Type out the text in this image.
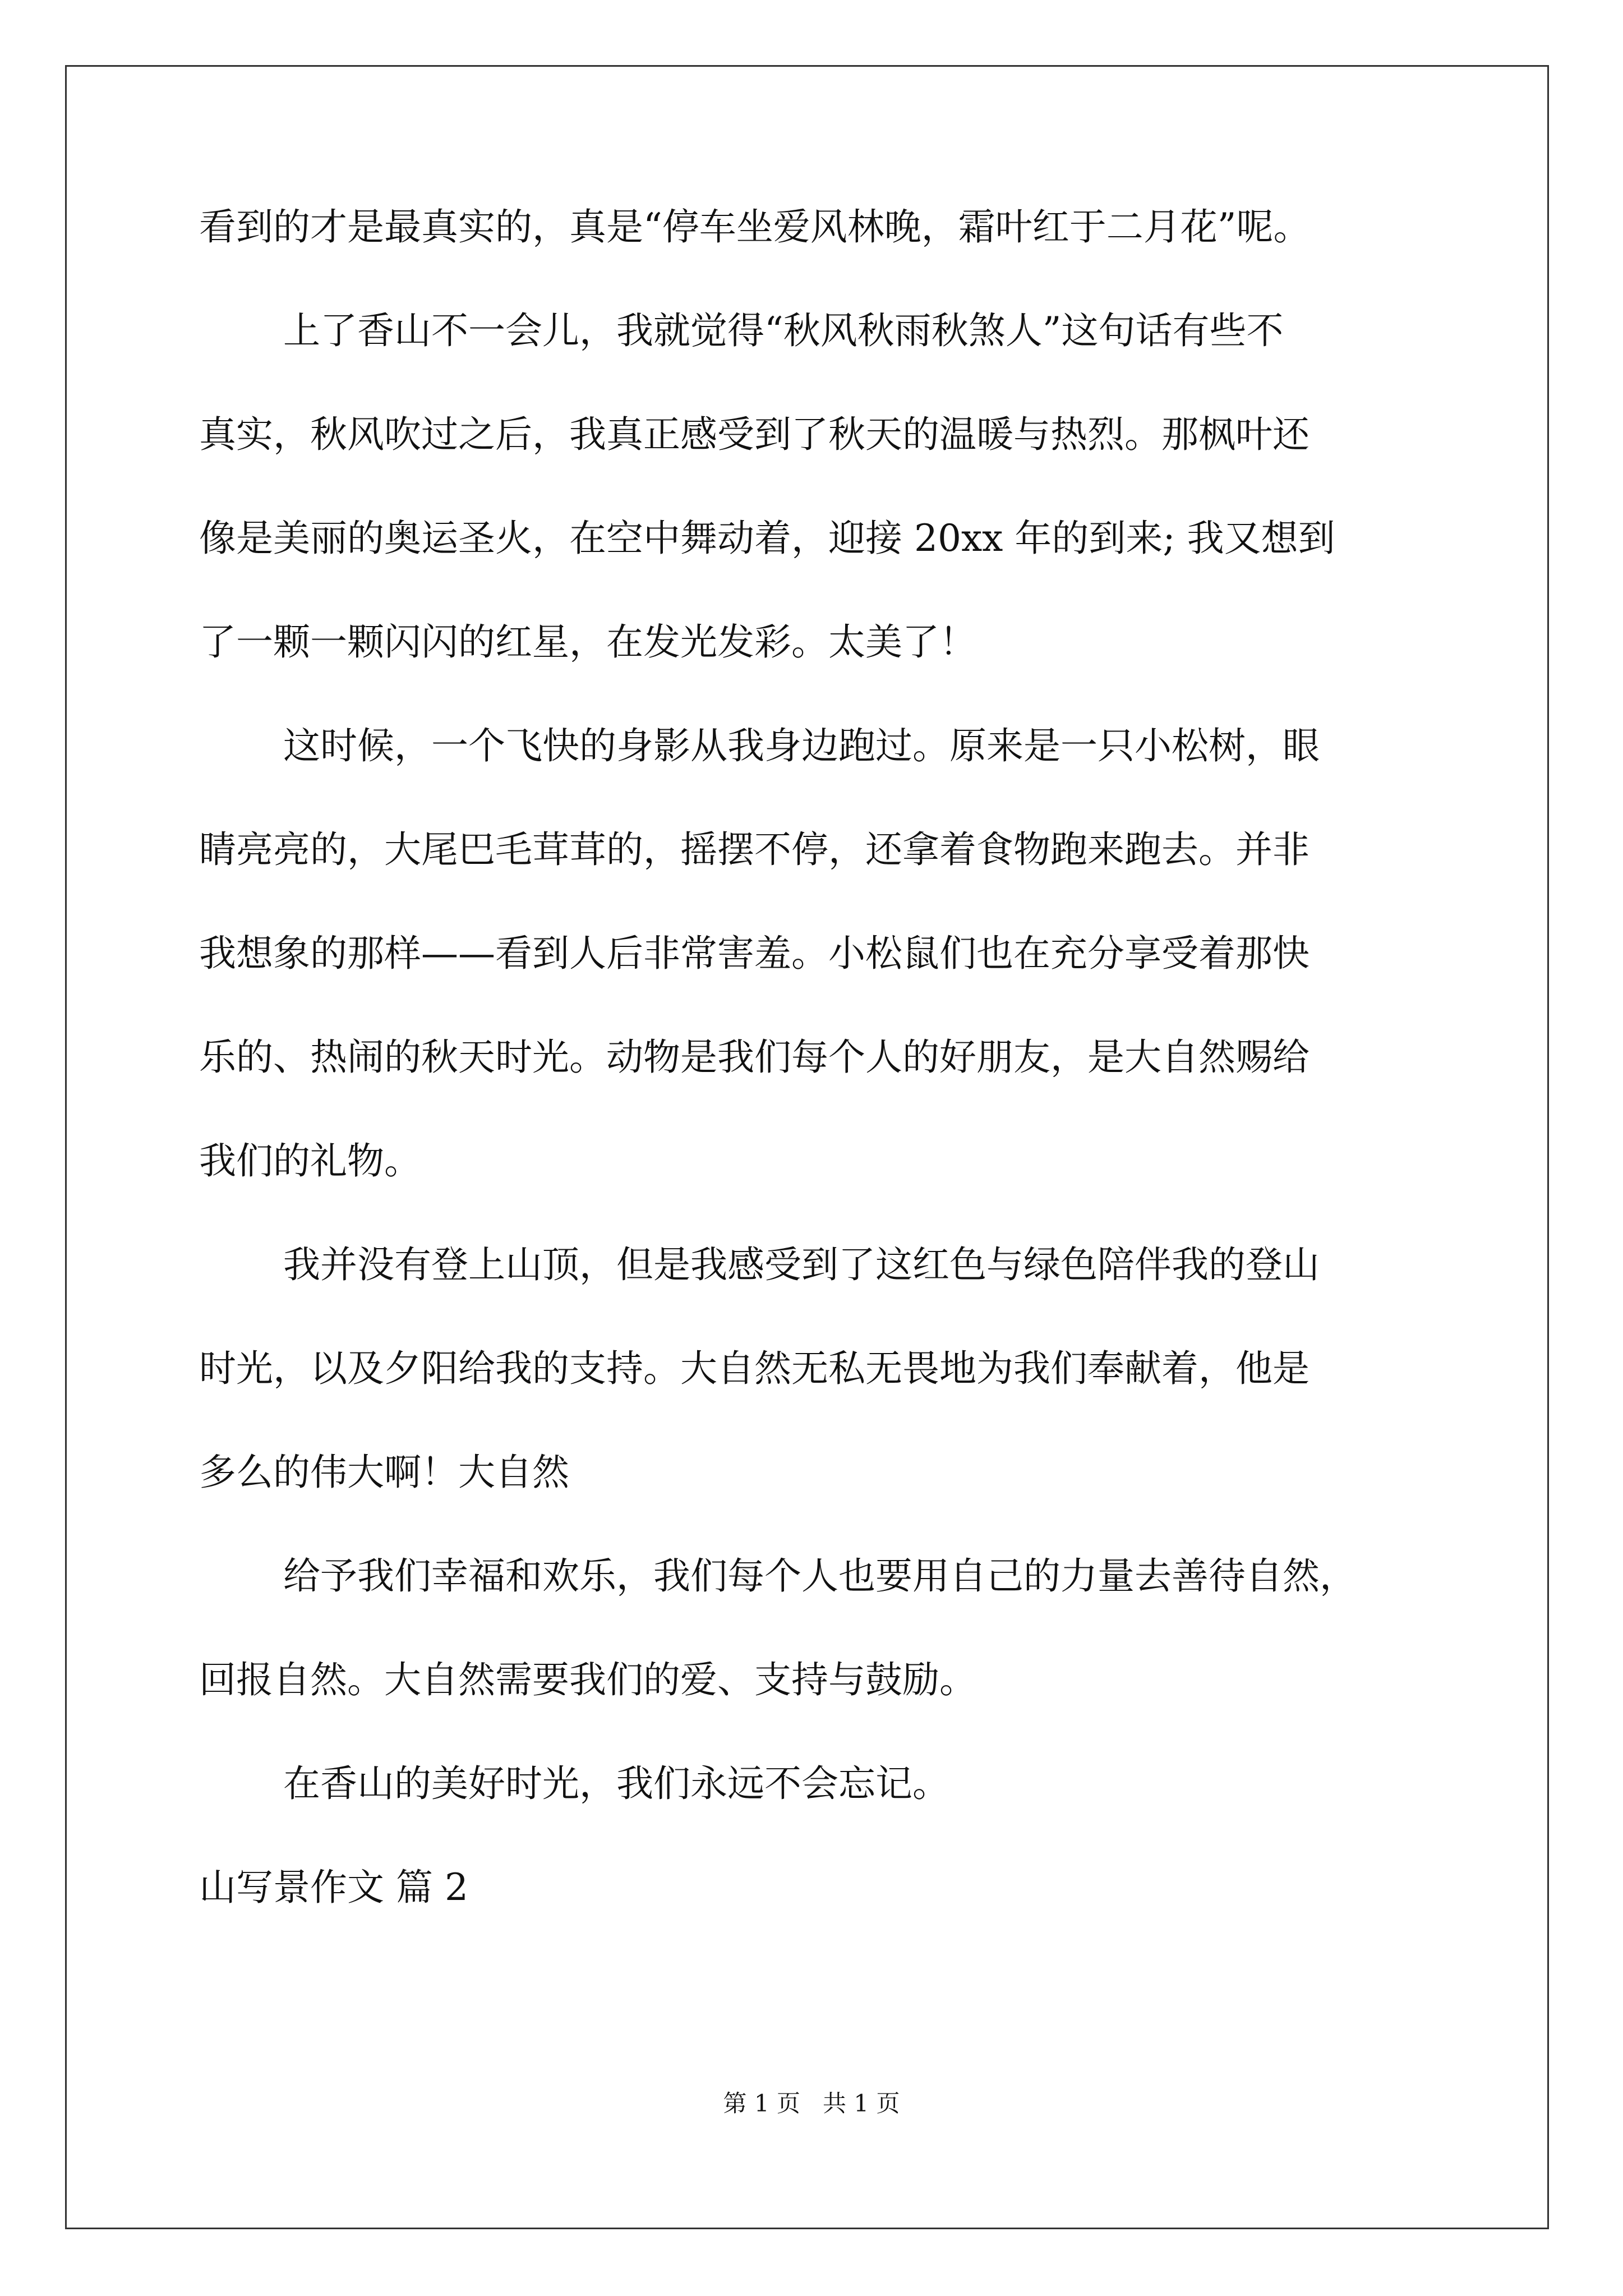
看到的才是最真实的，真是“停车坐爱风林晚，霜叶红于二月花”呢。
上了香山不一会儿，我就觉得“秋风秋雨秋煞人”这句话有些不
真实，秋风吹过之后，我真正感受到了秋天的温暖与热烈。那枫叶还
像是美丽的奥运圣火，在空中舞动着，迎接 20xx 年的到来; 我又想到
了一颗一颗闪闪的红星，在发光发彩。太美了！
这时候，一个飞快的身影从我身边跑过。原来是一只小松树，眼
睛亮亮的，大尾巴毛茸茸的，摇摆不停，还拿着食物跑来跑去。并非
我想象的那样——看到人后非常害羞。小松鼠们也在充分享受着那快
乐的、热闹的秋天时光。动物是我们每个人的好朋友，是大自然赐给
我们的礼物。
我并没有登上山顶，但是我感受到了这红色与绿色陪伴我的登山
时光，以及夕阳给我的支持。大自然无私无畏地为我们奉献着，他是
多么的伟大啊！大自然
给予我们幸福和欢乐，我们每个人也要用自己的力量去善待自然，
回报自然。大自然需要我们的爱、支持与鼓励。
在香山的美好时光，我们永远不会忘记。
山写景作文 篇 2
第 1 页   共 1 页
